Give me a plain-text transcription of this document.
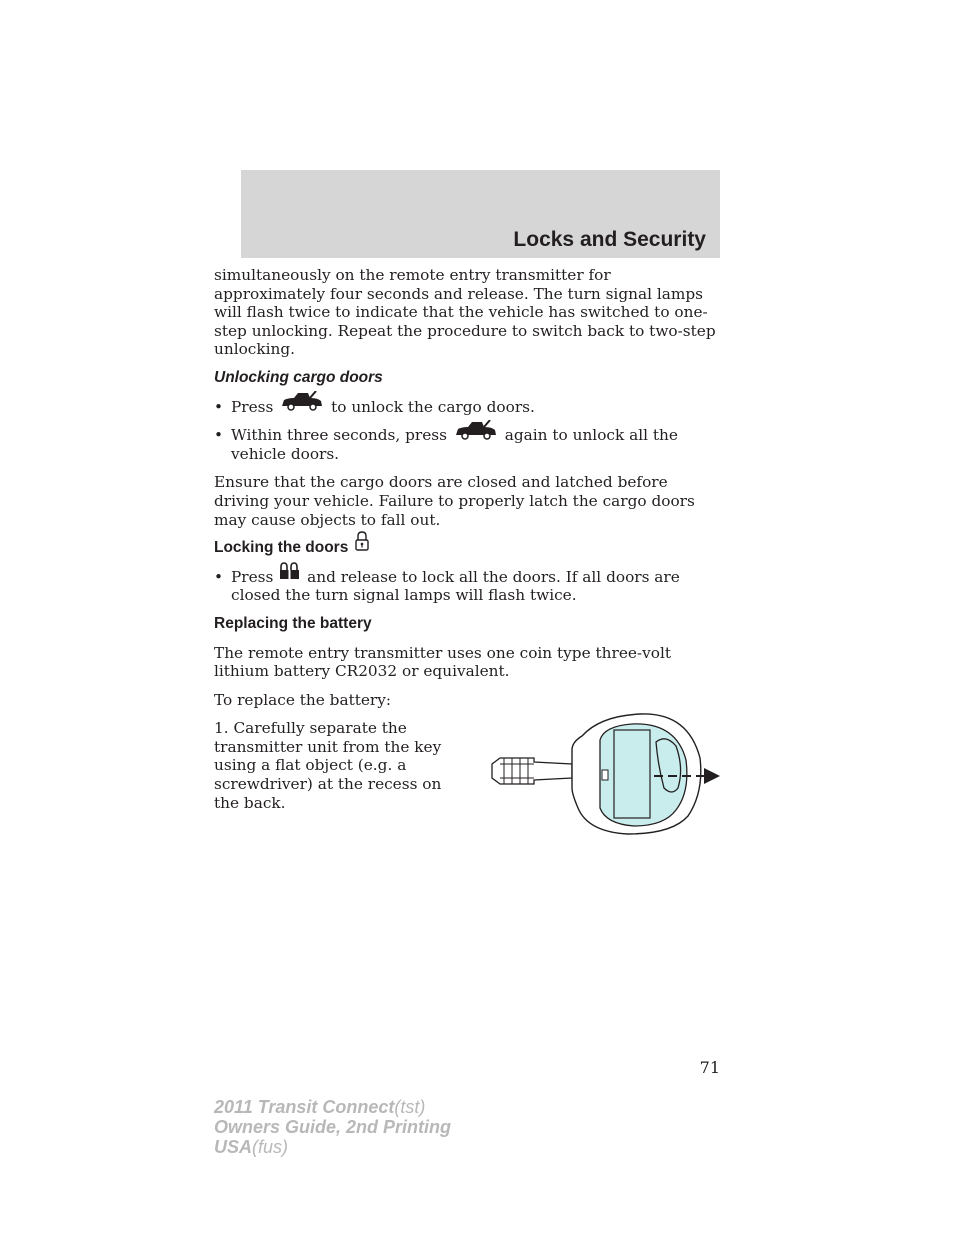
Locks and Security

simultaneously on the remote entry transmitter for approximately four seconds and release. The turn signal lamps will flash twice to indicate that the vehicle has switched to one-step unlocking. Repeat the procedure to switch back to two-step unlocking.

Unlocking cargo doors
• Press	to unlock the cargo doors.
• Within three seconds, press	again to unlock all the vehicle doors.

Ensure that the cargo doors are closed and latched before driving your vehicle. Failure to properly latch the cargo doors may cause objects to fall out.

Locking the doors
• Press and release to lock all the doors. If all doors are closed the turn signal lamps will flash twice.
Replacing the battery

The remote entry transmitter uses one coin type three-volt lithium battery CR2032 or equivalent.

To replace the battery:

1. Carefully separate the transmitter unit from the key using a flat object (e.g. a screwdriver) at the recess on the back.

71
2011 Transit Connect(tst)
Owners Guide, 2nd Printing
USA(fus)
